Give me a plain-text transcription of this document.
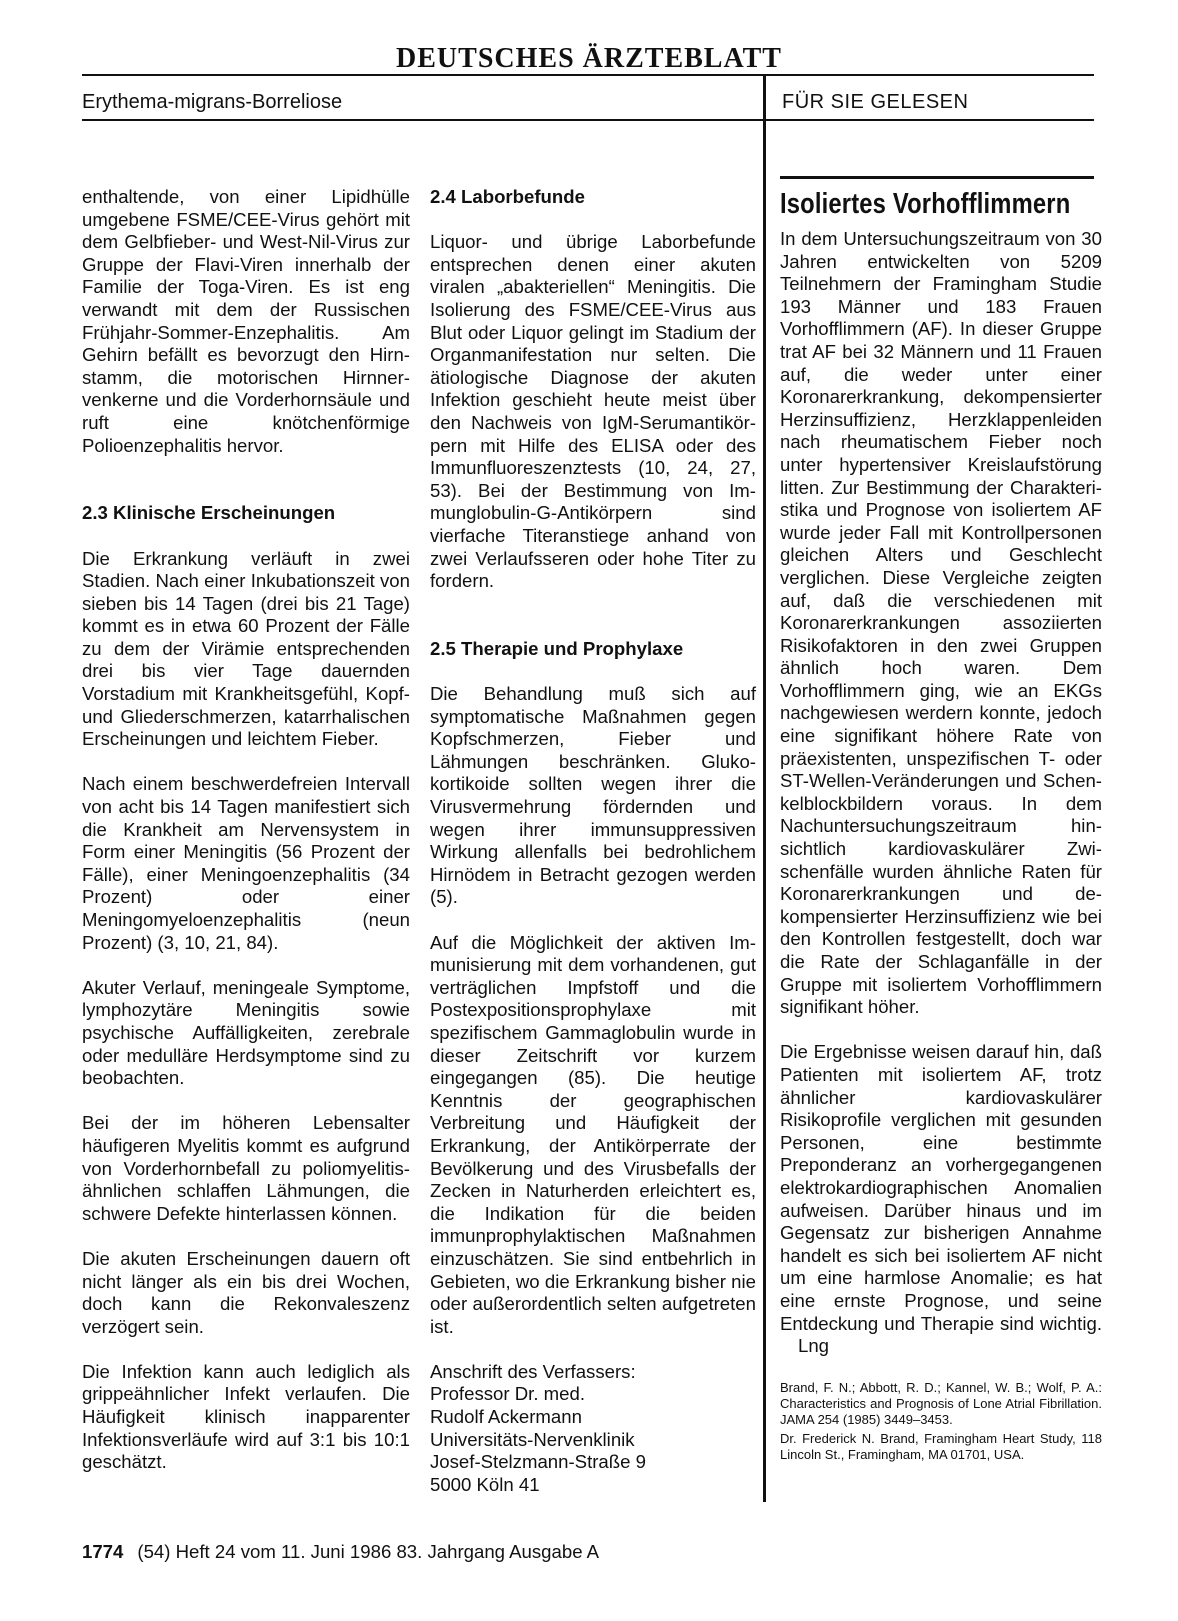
DEUTSCHES ÄRZTEBLATT
Erythema-migrans-Borreliose	FÜR SIE GELESEN

enthaltende, von einer Lipidhülle umgebene FSME/CEE-Virus gehört mit dem Gelbfieber- und West-Nil-Virus zur Gruppe der Flavi-Viren innerhalb der Familie der Toga-Viren. Es ist eng verwandt mit dem der Russischen Frühjahr-Sommer-Enzephalitis. Am Gehirn befällt es bevorzugt den Hirnstamm, die motorischen Hirnnervenkerne und die Vorderhornsäule und ruft eine knötchenförmige Polioenzephalitis hervor.

2.3 Klinische Erscheinungen

Die Erkrankung verläuft in zwei Stadien. Nach einer Inkubationszeit von sieben bis 14 Tagen (drei bis 21 Tage) kommt es in etwa 60 Prozent der Fälle zu dem der Virämie entsprechenden drei bis vier Tage dauernden Vorstadium mit Krankheitsgefühl, Kopf- und Gliederschmerzen, katarrhalischen Erscheinungen und leichtem Fieber.

Nach einem beschwerdefreien Intervall von acht bis 14 Tagen manifestiert sich die Krankheit am Nervensystem in Form einer Meningitis (56 Prozent der Fälle), einer Meningoenzephalitis (34 Prozent) oder einer Meningomyeloenzephalitis (neun Prozent) (3, 10, 21, 84).

Akuter Verlauf, meningeale Symptome, lymphozytäre Meningitis sowie psychische Auffälligkeiten, zerebrale oder medulläre Herdsymptome sind zu beobachten.

Bei der im höheren Lebensalter häufigeren Myelitis kommt es aufgrund von Vorderhornbefall zu poliomyelitis-ähnlichen schlaffen Lähmungen, die schwere Defekte hinterlassen können.

Die akuten Erscheinungen dauern oft nicht länger als ein bis drei Wochen, doch kann die Rekonvaleszenz verzögert sein.

Die Infektion kann auch lediglich als grippeähnlicher Infekt verlaufen. Die Häufigkeit klinisch inapparenter Infektionsverläufe wird auf 3:1 bis 10:1 geschätzt.

2.4 Laborbefunde

Liquor- und übrige Laborbefunde entsprechen denen einer akuten viralen „abakteriellen“ Meningitis. Die Isolierung des FSME/CEE-Virus aus Blut oder Liquor gelingt im Stadium der Organmanifestation nur selten. Die ätiologische Diagnose der akuten Infektion geschieht heute meist über den Nachweis von IgM-Serumantikörpern mit Hilfe des ELISA oder des Immunfluoreszenztests (10, 24, 27, 53). Bei der Bestimmung von Immunglobulin-G-Antikörpern sind vierfache Titeranstiege anhand von zwei Verlaufsseren oder hohe Titer zu fordern.

2.5 Therapie und Prophylaxe

Die Behandlung muß sich auf symptomatische Maßnahmen gegen Kopfschmerzen, Fieber und Lähmungen beschränken. Glukokortikoide sollten wegen ihrer die Virusvermehrung fördernden und wegen ihrer immunsuppressiven Wirkung allenfalls bei bedrohlichem Hirnödem in Betracht gezogen werden (5).

Auf die Möglichkeit der aktiven Immunisierung mit dem vorhandenen, gut verträglichen Impfstoff und die Postexpositionsprophylaxe mit spezifischem Gammaglobulin wurde in dieser Zeitschrift vor kurzem eingegangen (85). Die heutige Kenntnis der geographischen Verbreitung und Häufigkeit der Erkrankung, der Antikörperrate der Bevölkerung und des Virusbefalls der Zecken in Naturherden erleichtert es, die Indikation für die beiden immunprophylaktischen Maßnahmen einzuschätzen. Sie sind entbehrlich in Gebieten, wo die Erkrankung bisher nie oder außerordentlich selten aufgetreten ist.

Anschrift des Verfassers:

Professor Dr. med.

Rudolf Ackermann

Universitäts-Nervenklinik

Josef-Stelzmann-Straße 9

5000 Köln 41

Isoliertes Vorhofflimmern

In dem Untersuchungszeitraum von 30 Jahren entwickelten von 5209 Teilnehmern der Framingham Studie 193 Männer und 183 Frauen Vorhofflimmern (AF). In dieser Gruppe trat AF bei 32 Männern und 11 Frauen auf, die weder unter einer Koronarerkrankung, dekompensierter Herzinsuffizienz, Herzklappenleiden nach rheumatischem Fieber noch unter hypertensiver Kreislaufstörung litten. Zur Bestimmung der Charakteristika und Prognose von isoliertem AF wurde jeder Fall mit Kontrollpersonen gleichen Alters und Geschlecht verglichen. Diese Vergleiche zeigten auf, daß die verschiedenen mit Koronarerkrankungen assoziierten Risikofaktoren in den zwei Gruppen ähnlich hoch waren. Dem Vorhofflimmern ging, wie an EKGs nachgewiesen werdern konnte, jedoch eine signifikant höhere Rate von präexistenten, unspezifischen T- oder ST-Wellen-Veränderungen und Schenkelblockbildern voraus. In dem Nachuntersuchungszeitraum hinsichtlich kardiovaskulärer Zwischenfälle wurden ähnliche Raten für Koronarerkrankungen und dekompensierter Herzinsuffizienz wie bei den Kontrollen festgestellt, doch war die Rate der Schlaganfälle in der Gruppe mit isoliertem Vorhofflimmern signifikant höher.

Die Ergebnisse weisen darauf hin, daß Patienten mit isoliertem AF, trotz ähnlicher kardiovaskulärer Risikoprofile verglichen mit gesunden Personen, eine bestimmte Preponderanz an vorhergegangenen elektrokardiographischen Anomalien aufweisen. Darüber hinaus und im Gegensatz zur bisherigen Annahme handelt es sich bei isoliertem AF nicht um eine harmlose Anomalie; es hat eine ernste Prognose, und seine Entdeckung und Therapie sind wichtig. Lng

Brand, F. N.; Abbott, R. D.; Kannel, W. B.; Wolf, P. A.: Characteristics and Prognosis of Lone Atrial Fibrillation. JAMA 254 (1985) 3449–3453.

Dr. Frederick N. Brand, Framingham Heart Study, 118 Lincoln St., Framingham, MA 01701, USA.

1774 (54) Heft 24 vom 11. Juni 1986 83. Jahrgang Ausgabe A
